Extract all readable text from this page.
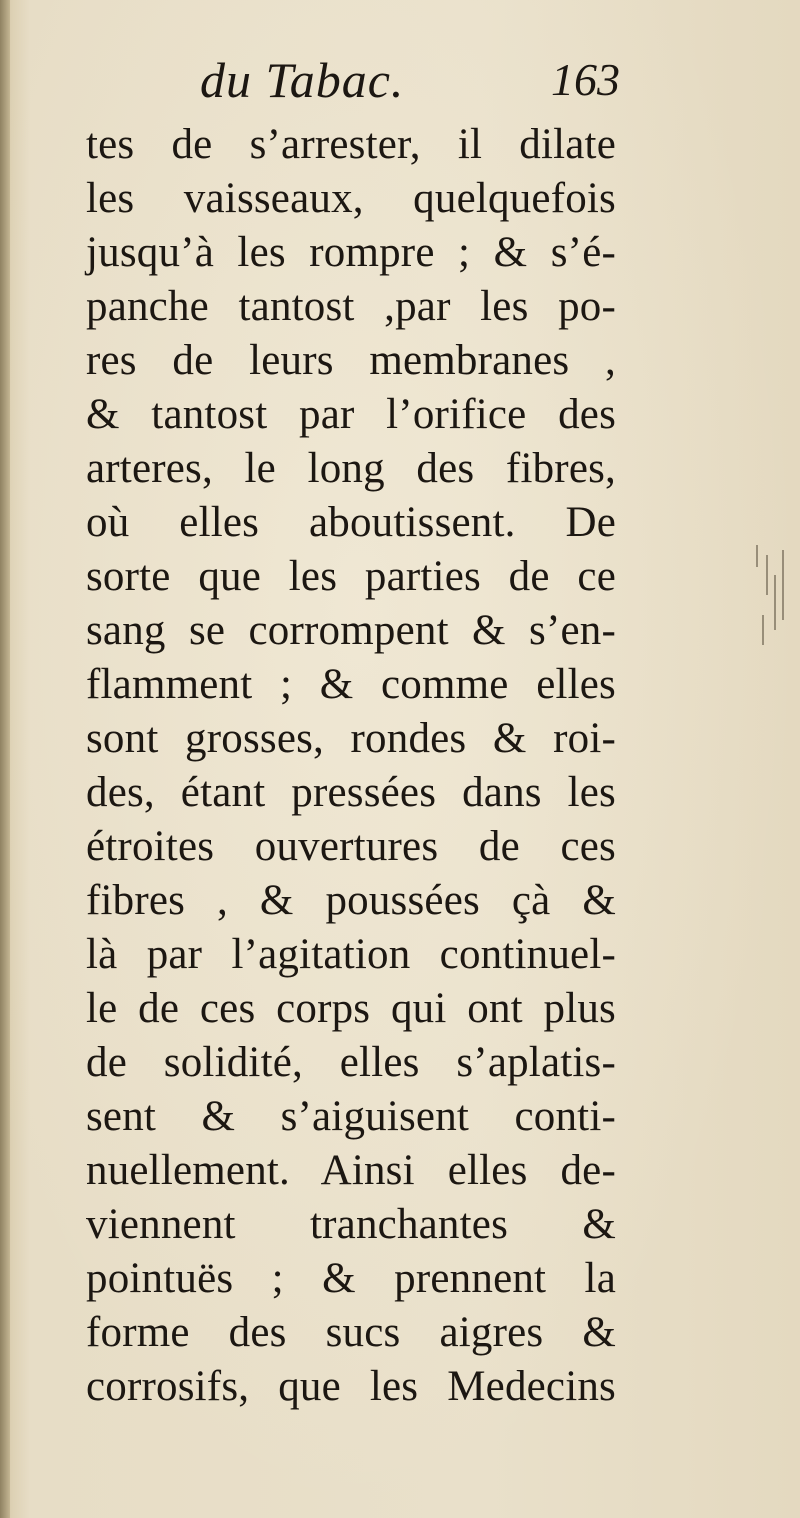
du Tabac.	163
tes de s’arrester, il dilate
les vaisseaux, quelquefois
jusqu’à les rompre ; & s’é-
panche tantost ,par les po-
res de leurs membranes ,
& tantost par l’orifice des
arteres, le long des fibres,
où elles aboutissent. De
sorte que les parties de ce
sang se corrompent & s’en-
flamment ; & comme elles
sont grosses, rondes & roi-
des, étant pressées dans les
étroites ouvertures de ces
fibres , & poussées çà &
là par l’agitation continuel-
le de ces corps qui ont plus
de solidité, elles s’aplatis-
sent & s’aiguisent conti-
nuellement. Ainsi elles de-
viennent tranchantes &
pointuës ; & prennent la
forme des sucs aigres &
corrosifs, que les Medecins
